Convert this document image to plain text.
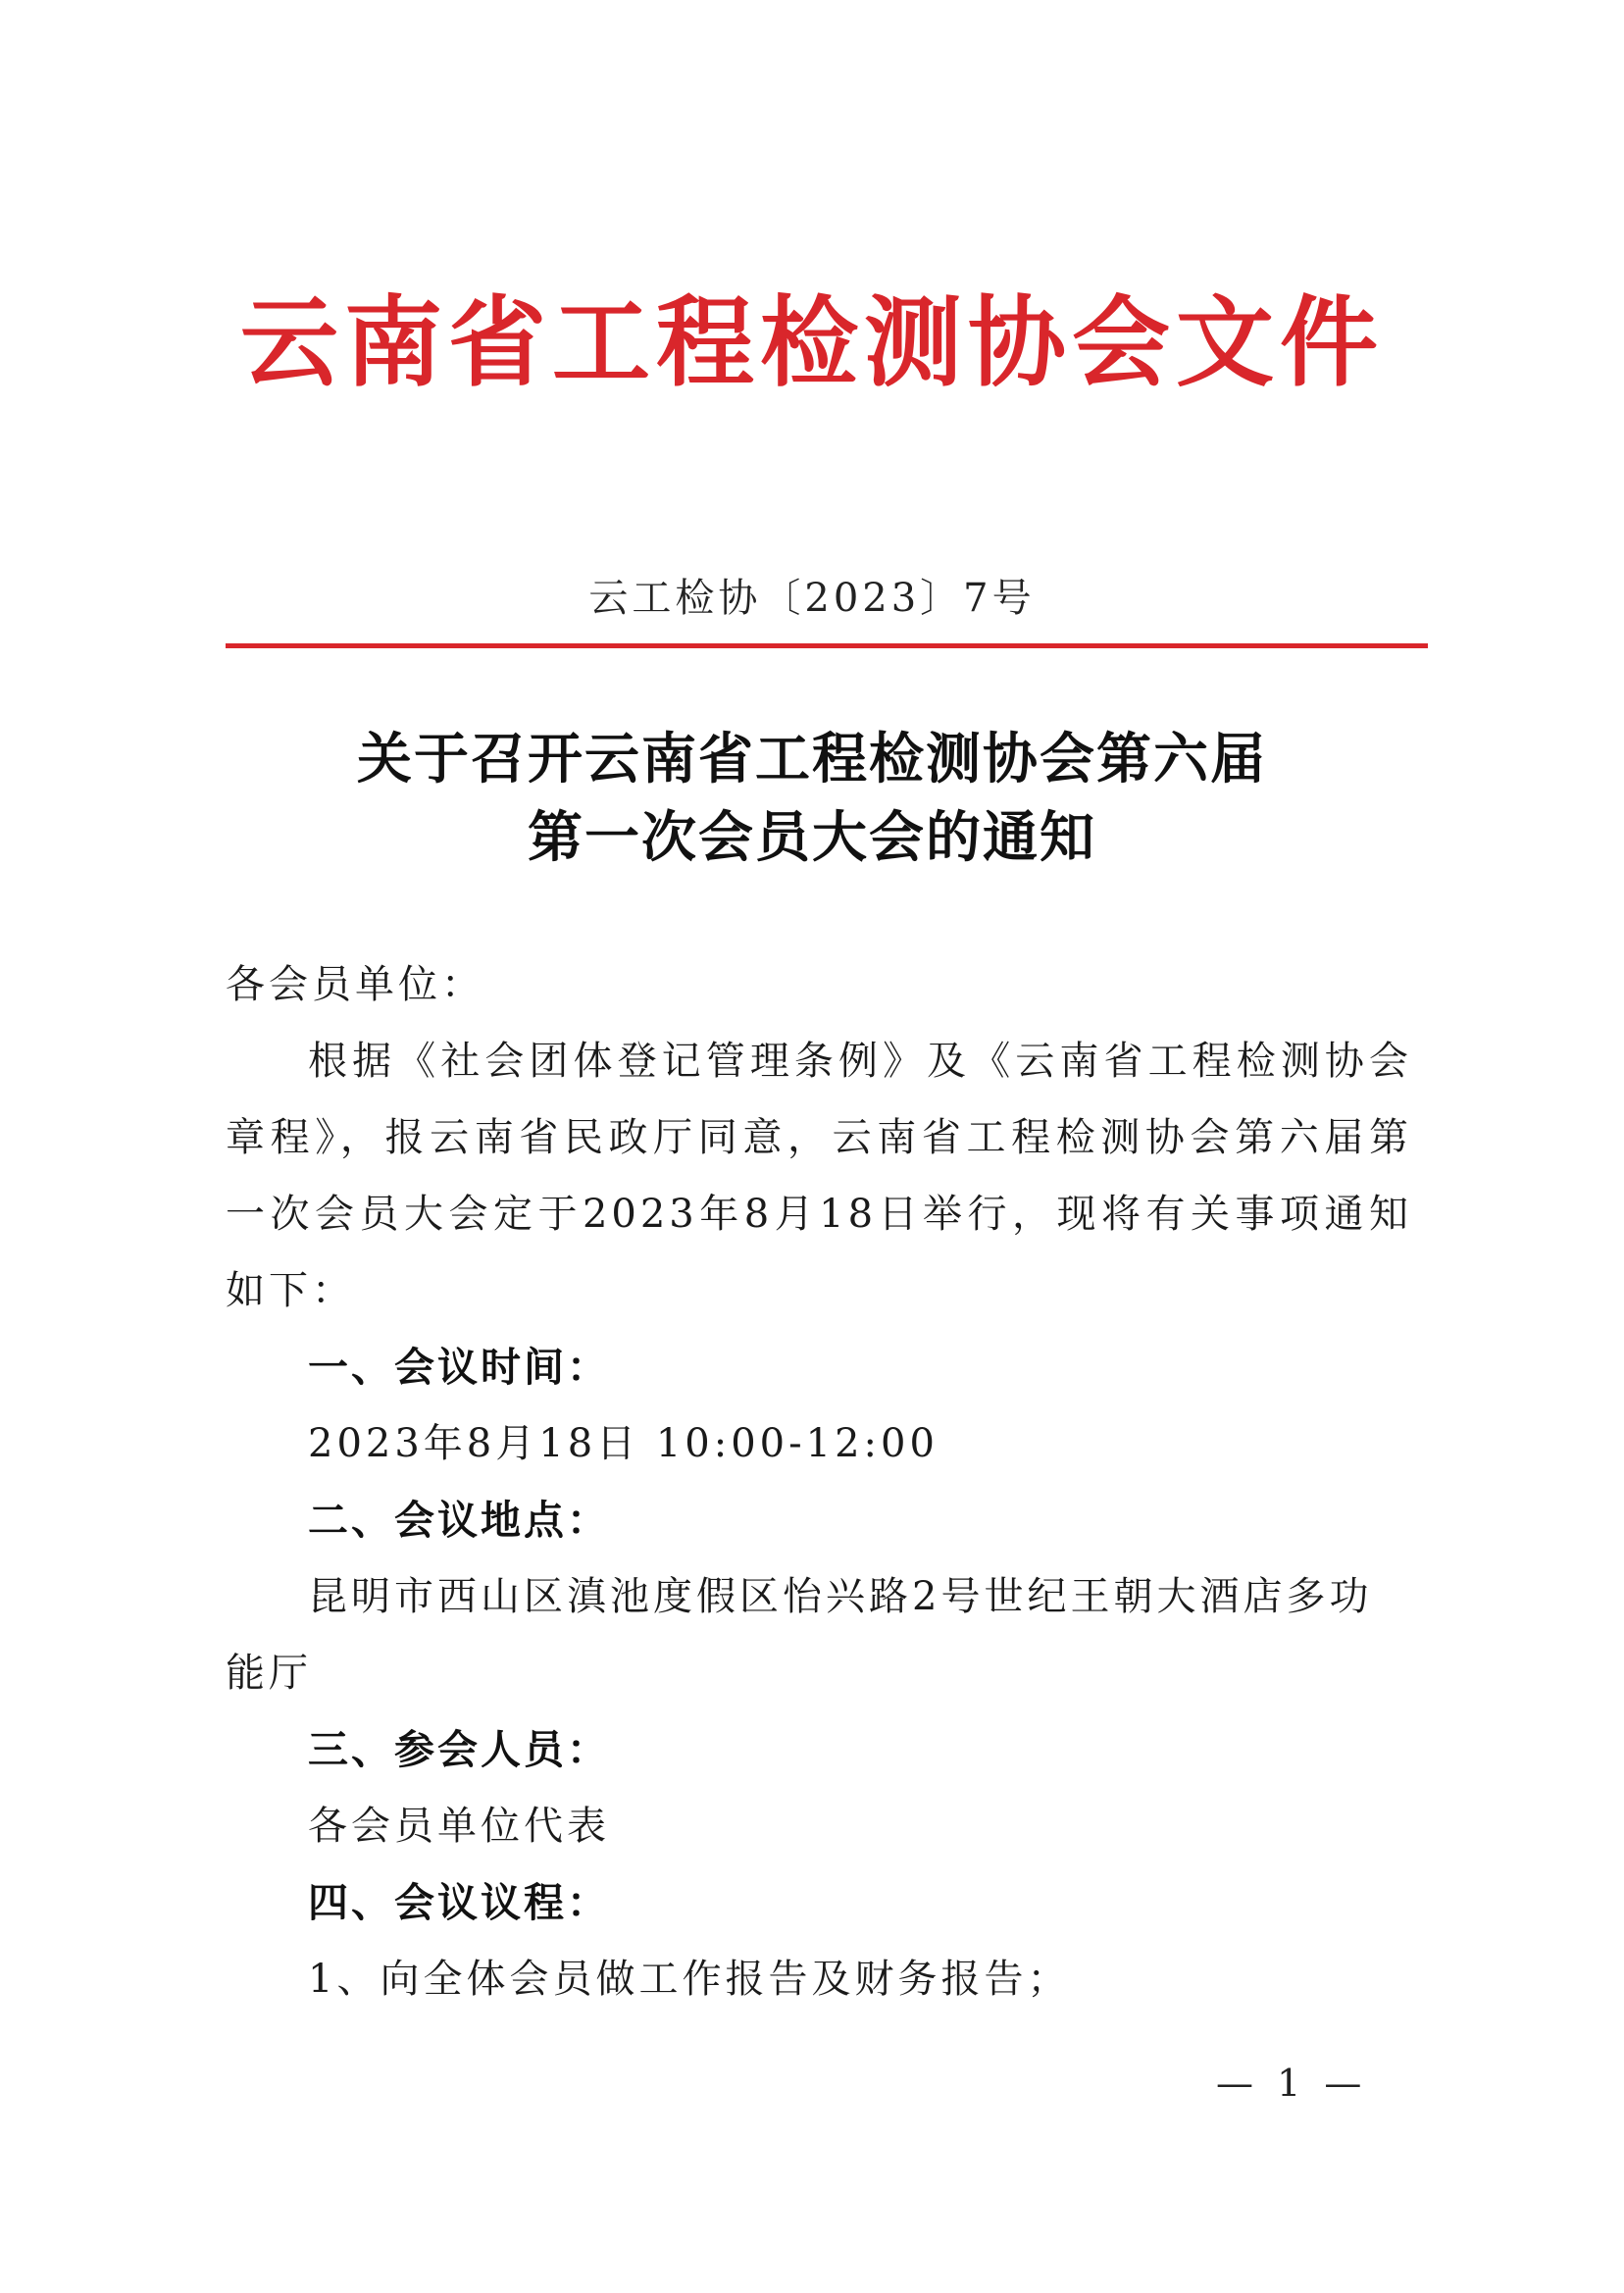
云南省工程检测协会文件
云工检协〔2023〕7号
关于召开云南省工程检测协会第六届
第一次会员大会的通知
各会员单位：
根据《社会团体登记管理条例》及《云南省工程检测协会章程》，报云南省民政厅同意，云南省工程检测协会第六届第一次会员大会定于2023年8月18日举行，现将有关事项通知如下：
一、会议时间：
2023年8月18日 10:00-12:00
二、会议地点：
昆明市西山区滇池度假区怡兴路2号世纪王朝大酒店多功能厅
三、参会人员：
各会员单位代表
四、会议议程：
1、向全体会员做工作报告及财务报告；
— 1 —
